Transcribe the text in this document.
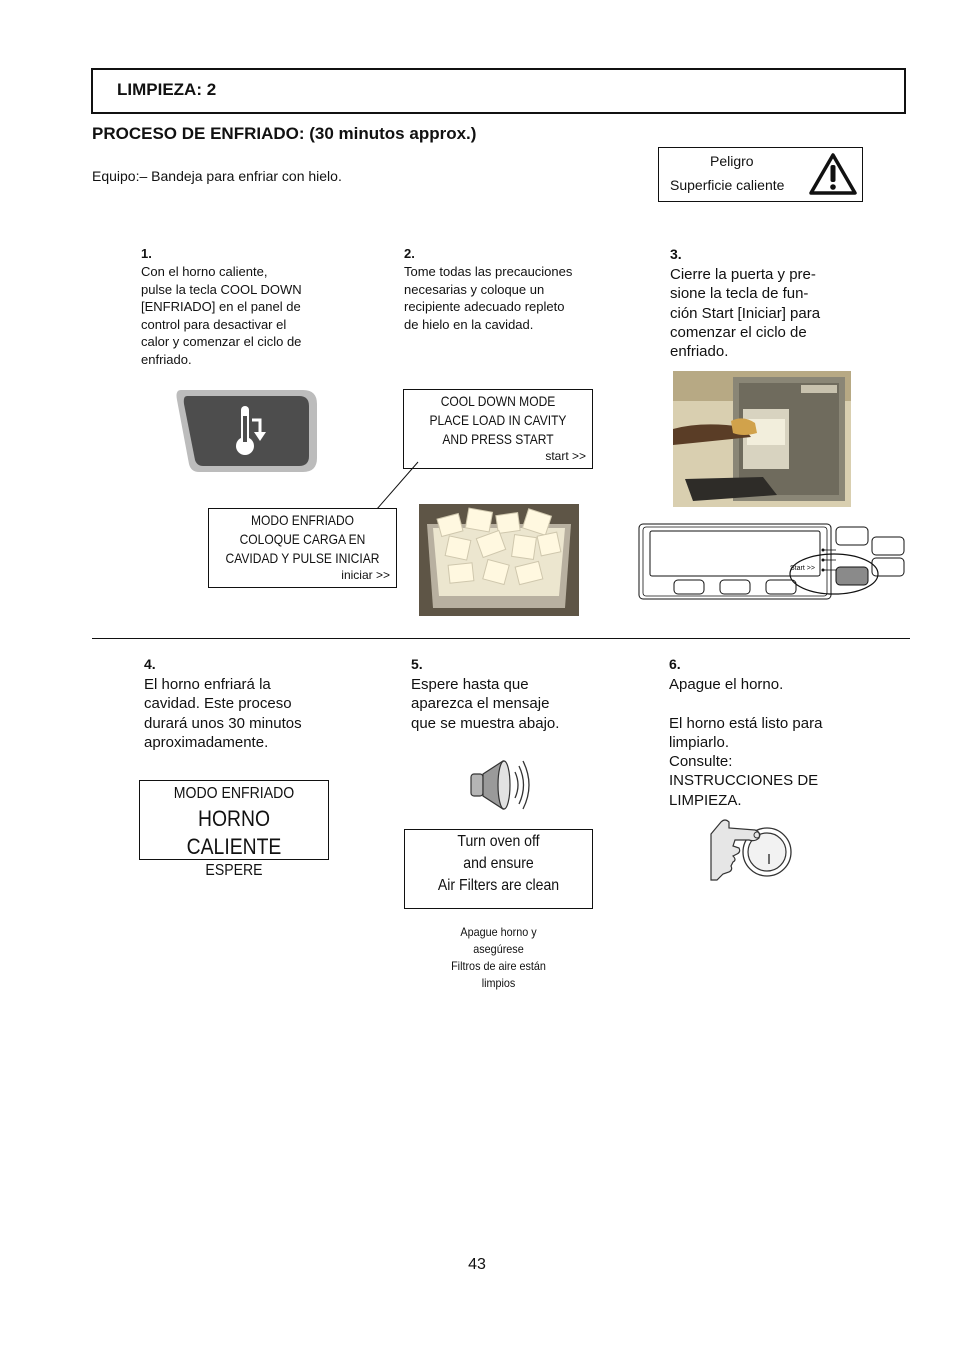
LIMPIEZA: 2
PROCESO DE ENFRIADO: (30 minutos approx.)
Equipo:– Bandeja para enfriar con hielo.
Peligro
Superficie caliente
1.
Con el horno caliente,
pulse la tecla COOL DOWN
[ENFRIADO] en el panel de
control para desactivar el
calor y comenzar el ciclo de
enfriado.
2.
Tome todas las precauciones
necesarias y coloque un
recipiente adecuado repleto
de hielo en la cavidad.
COOL DOWN MODE
PLACE LOAD IN CAVITY
AND PRESS START
start >>
MODO ENFRIADO
COLOQUE CARGA EN
CAVIDAD Y PULSE INICIAR
iniciar >>
3.
Cierre la puerta y pre-
sione la tecla de fun-
ción Start [Iniciar] para
comenzar el ciclo de
enfriado.
Start >>
4.
El horno enfriará la
cavidad. Este proceso
durará unos 30 minutos
aproximadamente.
MODO ENFRIADO
HORNO CALIENTE
ESPERE
5.
Espere hasta que
aparezca el mensaje
que se muestra abajo.
Turn oven off
and ensure
Air Filters are clean
Apague horno y
asegúrese
Filtros de aire están
limpios
6.
Apague el horno.
El horno está listo para
limpiarlo.
Consulte:
INSTRUCCIONES DE
LIMPIEZA.
43
